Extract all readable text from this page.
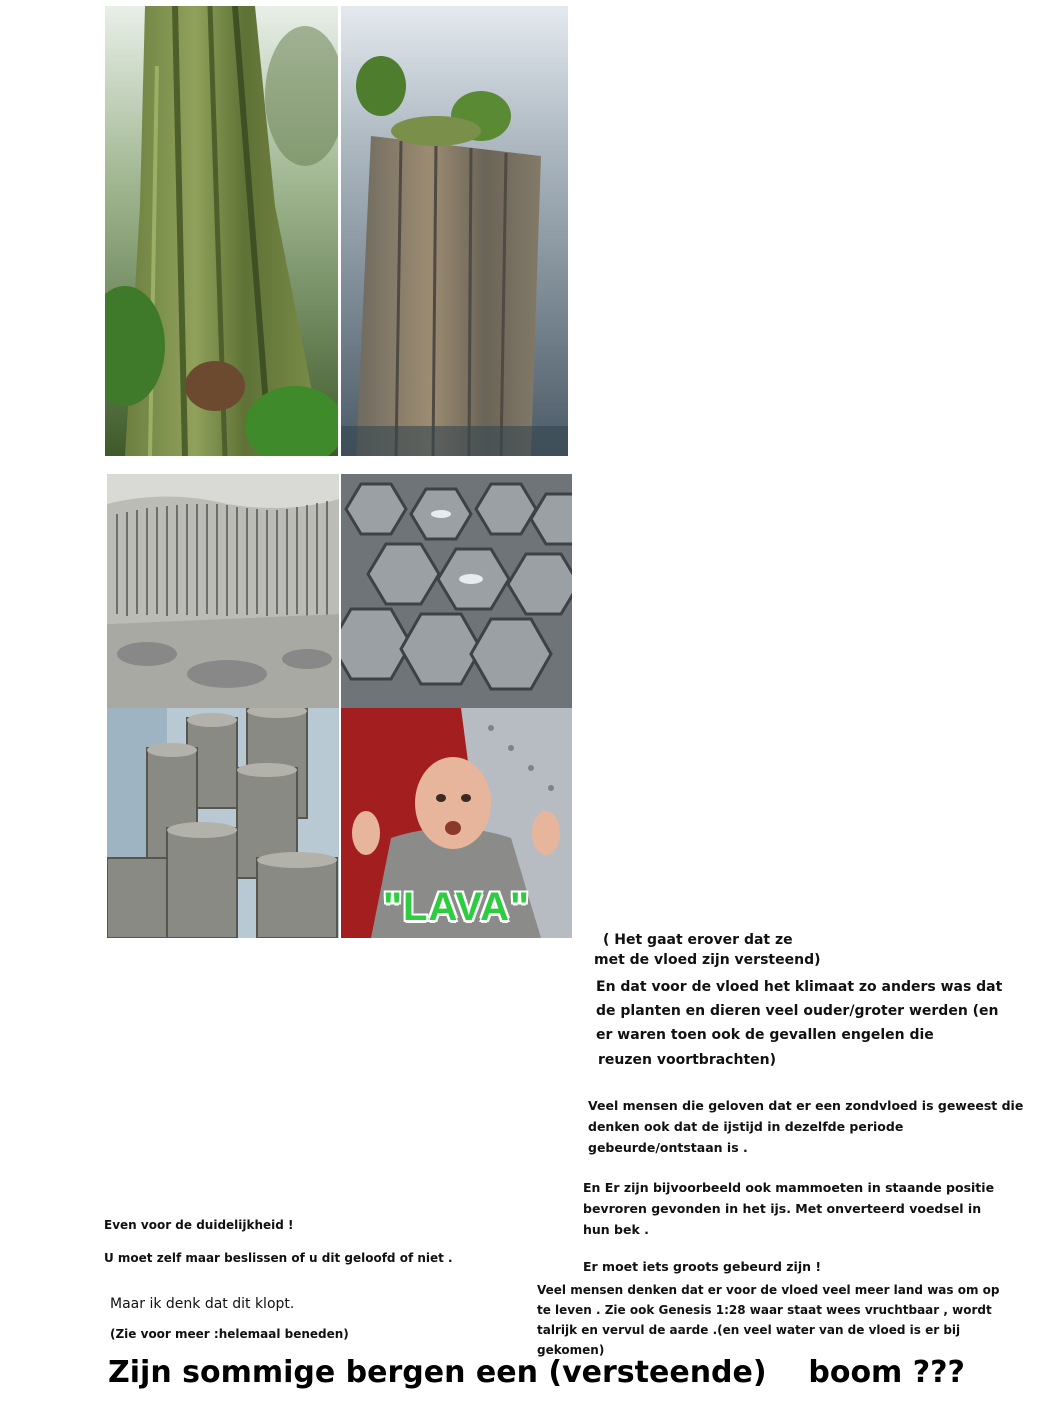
"LAVA"
( Het gaat erover dat ze
met de vloed zijn versteend)
En dat voor de vloed het klimaat zo anders was dat
de planten en dieren veel ouder/groter werden (en
er waren toen ook de gevallen engelen die
reuzen voortbrachten)
Veel mensen die geloven dat er een zondvloed is geweest die
denken ook dat de ijstijd in dezelfde periode
gebeurde/ontstaan is .
En Er zijn bijvoorbeeld ook mammoeten in staande positie
bevroren gevonden in het ijs. Met onverteerd voedsel in
hun bek .
Er moet iets groots gebeurd zijn !
Veel mensen denken dat er voor de vloed veel meer land was om op
te leven . Zie ook Genesis 1:28 waar staat wees vruchtbaar , wordt
talrijk en vervul de aarde .(en veel water van de vloed is er bij
gekomen)
Even voor de duidelijkheid !
U moet zelf maar beslissen of u dit geloofd of niet .
Maar ik denk dat dit klopt.
(Zie voor meer :helemaal beneden)
Zijn sommige bergen een (versteende)    boom ???
